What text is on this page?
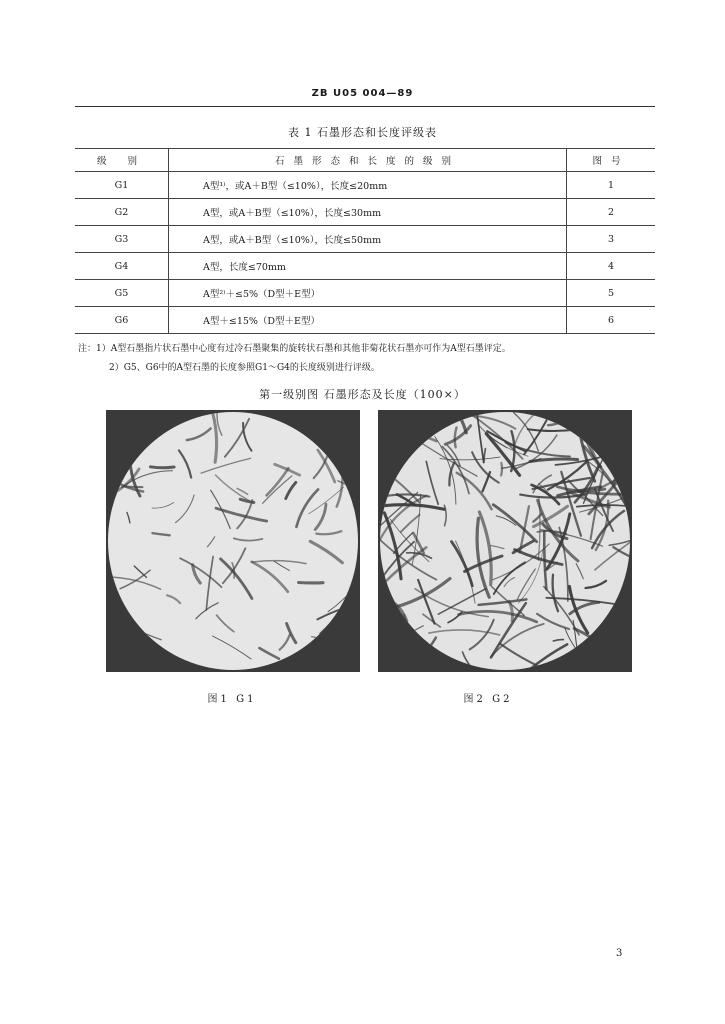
ZB U05 004—89
表 1 石墨形态和长度评级表
级 别	石墨形态和长度的级别	图号
G1	A型¹⁾，或A＋B型（≤10%），长度≤20mm	1
G2	A型，或A＋B型（≤10%），长度≤30mm	2
G3	A型，或A＋B型（≤10%），长度≤50mm	3
G4	A型，长度≤70mm	4
G5	A型²⁾＋≤5%（D型＋E型）	5
G6	A型＋≤15%（D型＋E型）	6
注：1）A型石墨指片状石墨中心度有过冷石墨聚集的旋转状石墨和其他非菊花状石墨亦可作为A型石墨评定。
2）G5、G6中的A型石墨的长度参照G1～G4的长度级别进行评级。
第一级别图 石墨形态及长度（100×）
图1 G1	图2 G2
3
